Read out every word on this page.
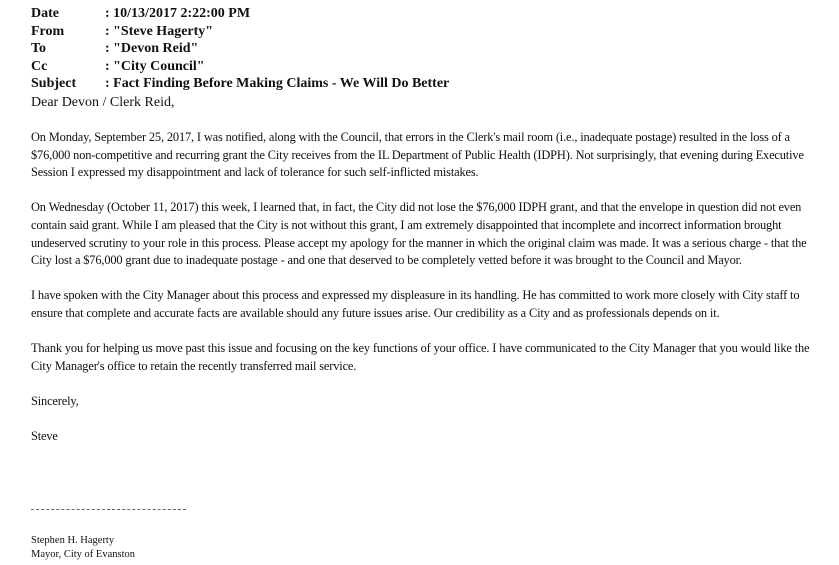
Date	: 10/13/2017 2:22:00 PM
From	: "Steve Hagerty"
To	: "Devon Reid"
Cc	: "City Council"
Subject	: Fact Finding Before Making Claims - We Will Do Better
Dear Devon / Clerk Reid,

On Monday, September 25, 2017, I was notified, along with the Council, that errors in the Clerk's mail room (i.e., inadequate postage) resulted in the loss of a $76,000 non-competitive and recurring grant the City receives from the IL Department of Public Health (IDPH). Not surprisingly, that evening during Executive Session I expressed my disappointment and lack of tolerance for such self-inflicted mistakes.

On Wednesday (October 11, 2017) this week, I learned that, in fact, the City did not lose the $76,000 IDPH grant, and that the envelope in question did not even contain said grant. While I am pleased that the City is not without this grant, I am extremely disappointed that incomplete and incorrect information brought undeserved scrutiny to your role in this process. Please accept my apology for the manner in which the original claim was made. It was a serious charge - that the City lost a $76,000 grant due to inadequate postage - and one that deserved to be completely vetted before it was brought to the Council and Mayor.

I have spoken with the City Manager about this process and expressed my displeasure in its handling. He has committed to work more closely with City staff to ensure that complete and accurate facts are available should any future issues arise. Our credibility as a City and as professionals depends on it.

Thank you for helping us move past this issue and focusing on the key functions of your office. I have communicated to the City Manager that you would like the City Manager's office to retain the recently transferred mail service.

Sincerely,
Steve
Stephen H. Hagerty
Mayor, City of Evanston
